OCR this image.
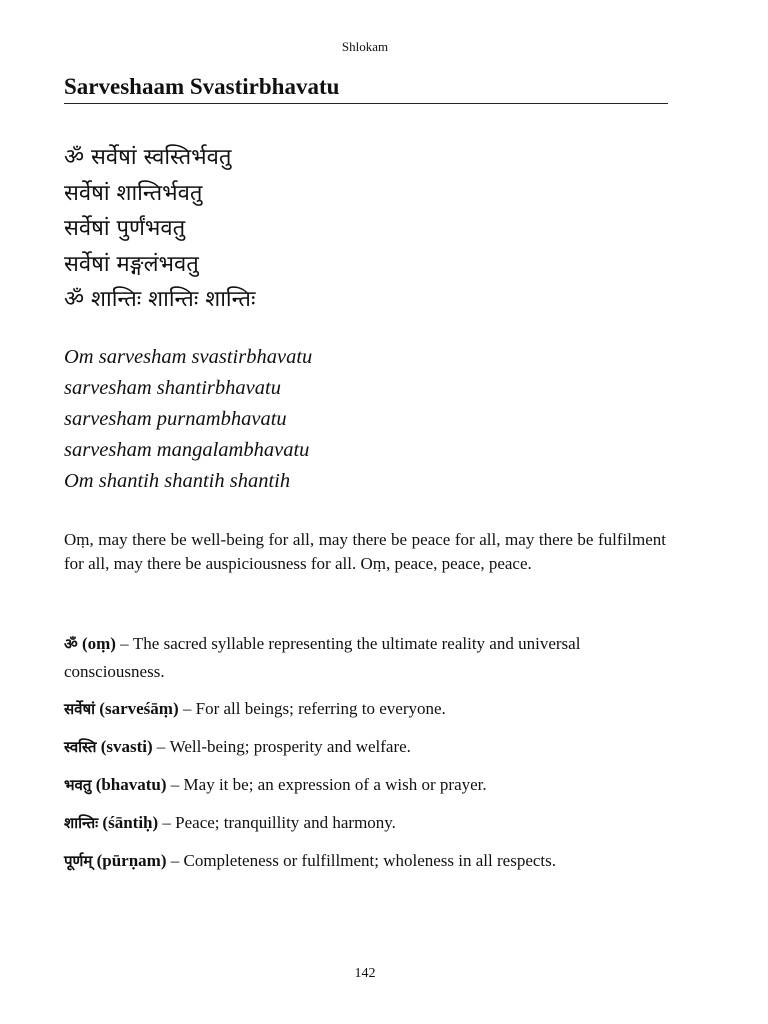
Shlokam
Sarveshaam Svastirbhavatu
ॐ सर्वेषां स्वस्तिर्भवतु
सर्वेषां शान्तिर्भवतु
सर्वेषां पुर्णंभवतु
सर्वेषां मङ्गलंभवतु
ॐ शान्तिः शान्तिः शान्तिः
Om sarvesham svastirbhavatu
sarvesham shantirbhavatu
sarvesham purnambhavatu
sarvesham mangalambhavatu
Om shantih shantih shantih
Oṃ, may there be well-being for all, may there be peace for all, may there be fulfilment for all, may there be auspiciousness for all. Oṃ, peace, peace, peace.
ॐ (oṃ) – The sacred syllable representing the ultimate reality and universal consciousness.
सर्वेषां (sarveśāṃ) – For all beings; referring to everyone.
स्वस्ति (svasti) – Well-being; prosperity and welfare.
भवतु (bhavatu) – May it be; an expression of a wish or prayer.
शान्तिः (śāntiḥ) – Peace; tranquillity and harmony.
पूर्णम् (pūrṇam) – Completeness or fulfillment; wholeness in all respects.
142
